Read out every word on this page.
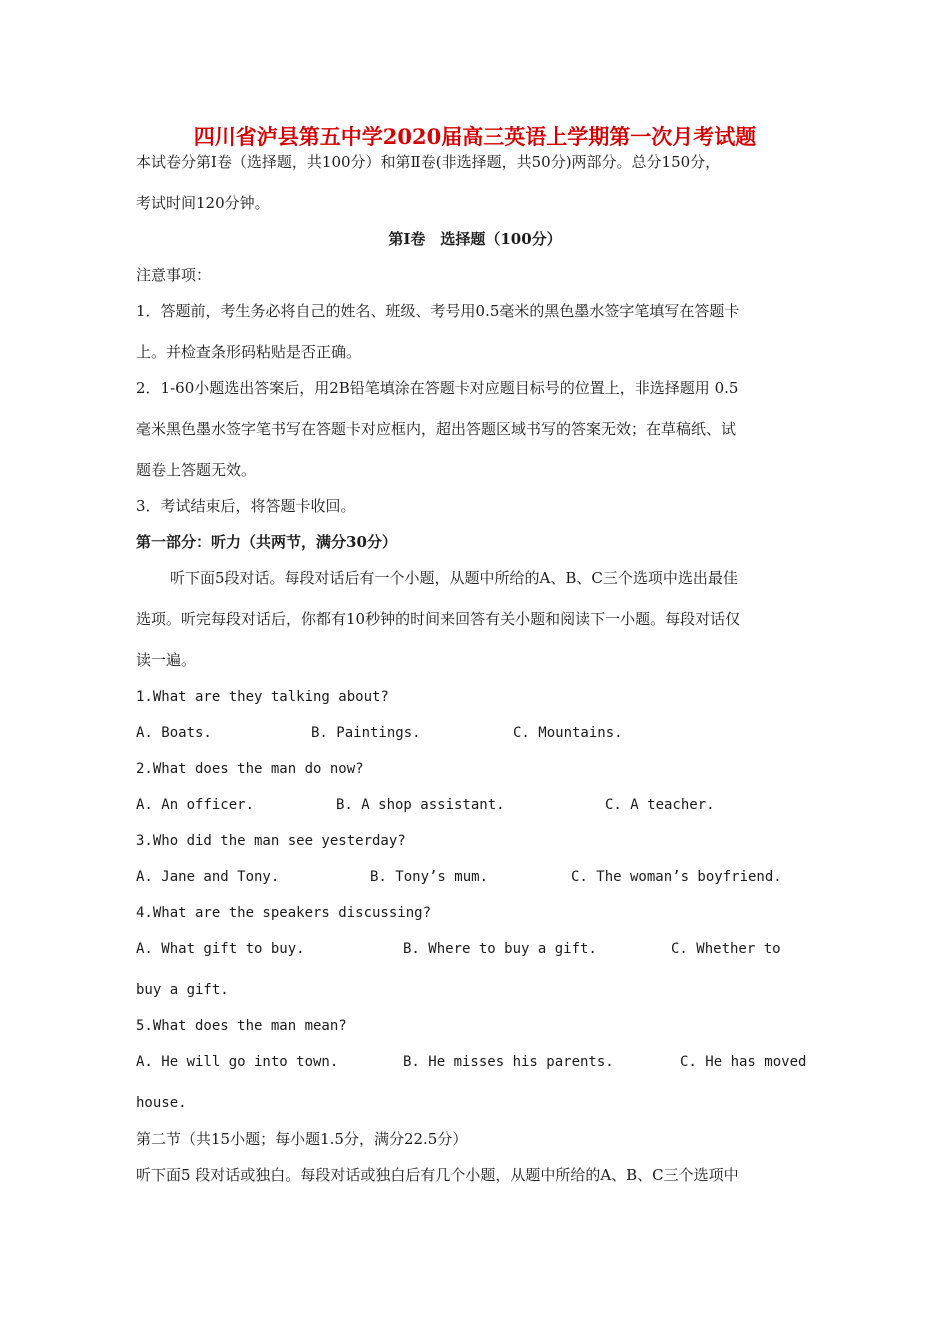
四川省泸县第五中学2020届高三英语上学期第一次月考试题
本试卷分第Ⅰ卷（选择题，共100分）和第Ⅱ卷(非选择题，共50分)两部分。总分150分，
考试时间120分钟。
第Ⅰ卷　选择题（100分）
注意事项：
1．答题前，考生务必将自己的姓名、班级、考号用0.5毫米的黑色墨水签字笔填写在答题卡
上。并检查条形码粘贴是否正确。
2．1-60小题选出答案后，用2B铅笔填涂在答题卡对应题目标号的位置上，非选择题用 0.5
毫米黑色墨水签字笔书写在答题卡对应框内，超出答题区域书写的答案无效；在草稿纸、试
题卷上答题无效。
3．考试结束后，将答题卡收回。
第一部分：听力（共两节，满分30分）
听下面5段对话。每段对话后有一个小题，从题中所给的A、B、C三个选项中选出最佳
选项。听完每段对话后，你都有10秒钟的时间来回答有关小题和阅读下一小题。每段对话仅
读一遍。
1.What are they talking about?
A. Boats.	B. Paintings.	C. Mountains.
2.What does the man do now?
A. An officer.	B. A shop assistant.	C. A teacher.
3.Who did the man see yesterday?
A. Jane and Tony.	B. Tony’s mum.	C. The woman’s boyfriend.
4.What are the speakers discussing?
A. What gift to buy.	B. Where to buy a gift.	C. Whether to
buy a gift.
5.What does the man mean?
A. He will go into town.	B. He misses his parents.	C. He has moved
house.
第二节（共15小题；每小题1.5分，满分22.5分）
听下面5 段对话或独白。每段对话或独白后有几个小题，从题中所给的A、B、C三个选项中
